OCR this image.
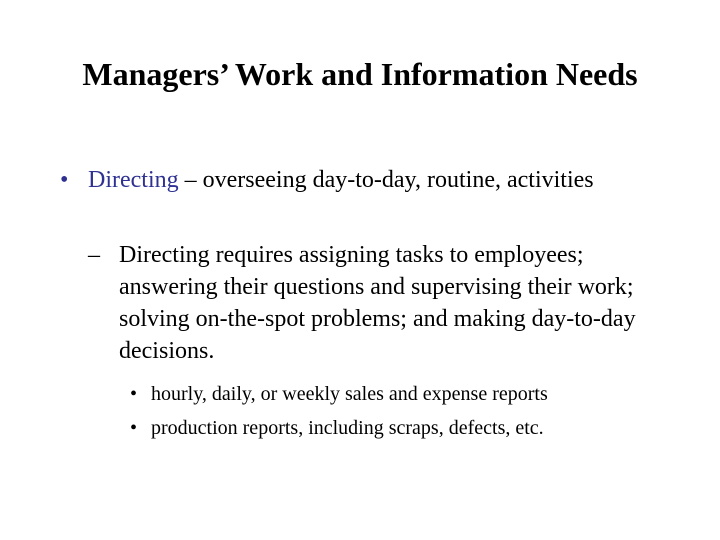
Managers’ Work and Information Needs
• Directing – overseeing day-to-day, routine, activities
– Directing requires assigning tasks to employees; answering their questions and supervising their work; solving on-the-spot problems; and making day-to-day decisions.
• hourly, daily, or weekly sales and expense reports
• production reports, including scraps, defects, etc.
